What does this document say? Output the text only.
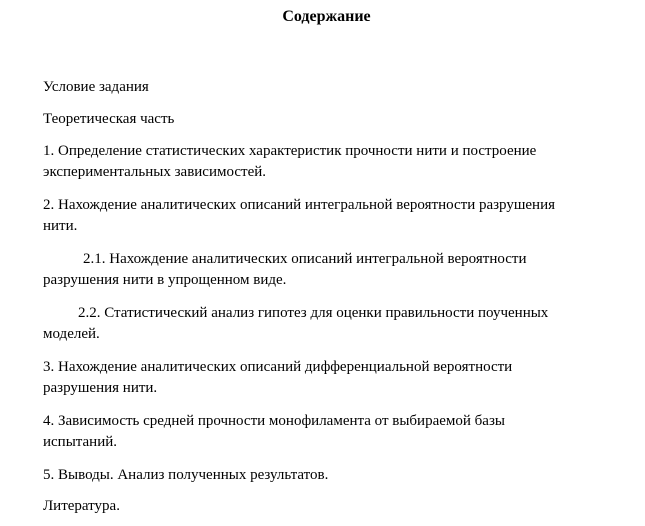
Содержание

Условие задания

Теоретическая часть

1. Определение статистических характеристик прочности нити и построение
экспериментальных зависимостей.

2. Нахождение аналитических описаний интегральной вероятности разрушения
нити.

2.1. Нахождение аналитических описаний интегральной вероятности
разрушения нити в упрощенном виде.

2.2. Статистический анализ гипотез для оценки правильности поученных
моделей.

3. Нахождение аналитических описаний дифференциальной вероятности
разрушения нити.

4. Зависимость средней прочности монофиламента от выбираемой базы
испытаний.

5. Выводы. Анализ полученных результатов.

Литература.
